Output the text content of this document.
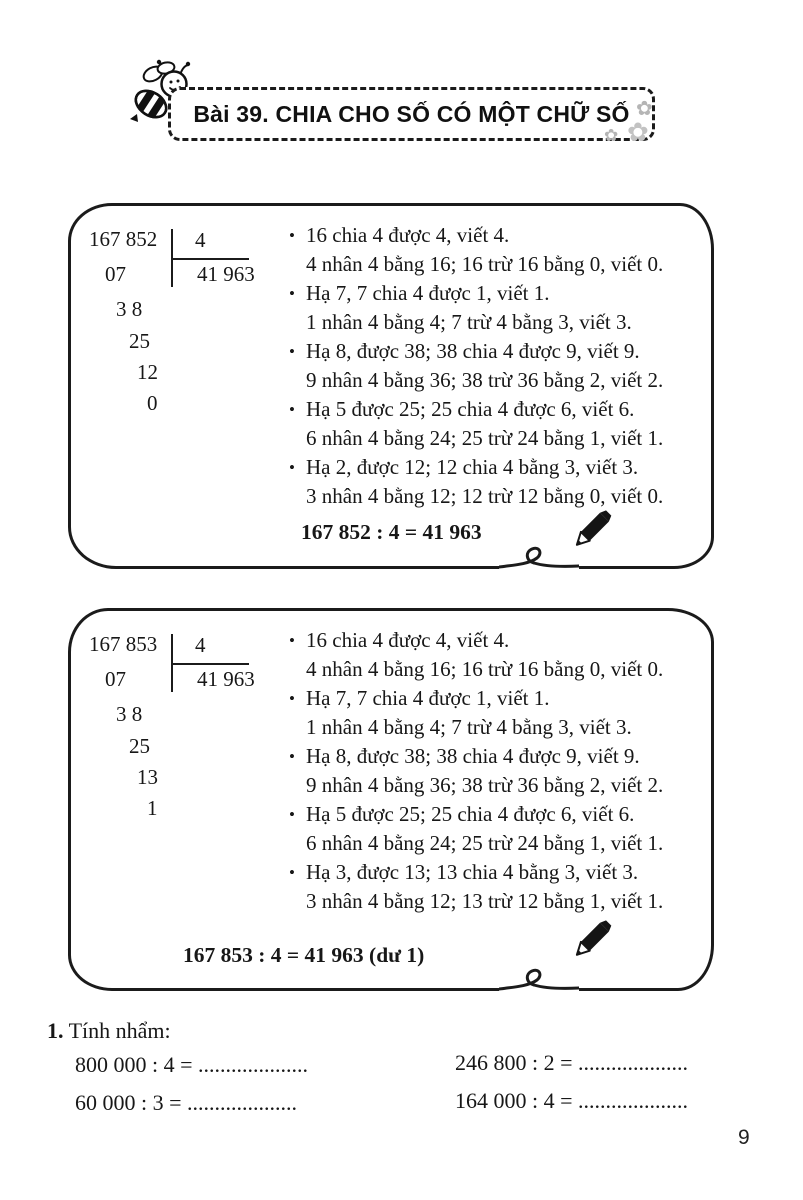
Bài 39. CHIA CHO SỐ CÓ MỘT CHỮ SỐ ✿
✿
✿
167 852 4
41 963
07
3 8
25
12
0
• 16 chia 4 được 4, viết 4.
4 nhân 4 bằng 16; 16 trừ 16 bằng 0, viết 0.
• Hạ 7, 7 chia 4 được 1, viết 1.
1 nhân 4 bằng 4; 7 trừ 4 bằng 3, viết 3.
• Hạ 8, được 38; 38 chia 4 được 9, viết 9.
9 nhân 4 bằng 36; 38 trừ 36 bằng 2, viết 2.
• Hạ 5 được 25; 25 chia 4 được 6, viết 6.
6 nhân 4 bằng 24; 25 trừ 24 bằng 1, viết 1.
• Hạ 2, được 12; 12 chia 4 bằng 3, viết 3.
3 nhân 4 bằng 12; 12 trừ 12 bằng 0, viết 0.
167 852 : 4 = 41 963
167 853 4
41 963
07
3 8
25
13
1
• 16 chia 4 được 4, viết 4.
4 nhân 4 bằng 16; 16 trừ 16 bằng 0, viết 0.
• Hạ 7, 7 chia 4 được 1, viết 1.
1 nhân 4 bằng 4; 7 trừ 4 bằng 3, viết 3.
• Hạ 8, được 38; 38 chia 4 được 9, viết 9.
9 nhân 4 bằng 36; 38 trừ 36 bằng 2, viết 2.
• Hạ 5 được 25; 25 chia 4 được 6, viết 6.
6 nhân 4 bằng 24; 25 trừ 24 bằng 1, viết 1.
• Hạ 3, được 13; 13 chia 4 bằng 3, viết 3.
3 nhân 4 bằng 12; 13 trừ 12 bằng 1, viết 1.
167 853 : 4 = 41 963 (dư 1)
1. Tính nhẩm:
800 000 : 4 = ....................
60 000 : 3 = ....................
246 800 : 2 = ....................
164 000 : 4 = ....................
9
